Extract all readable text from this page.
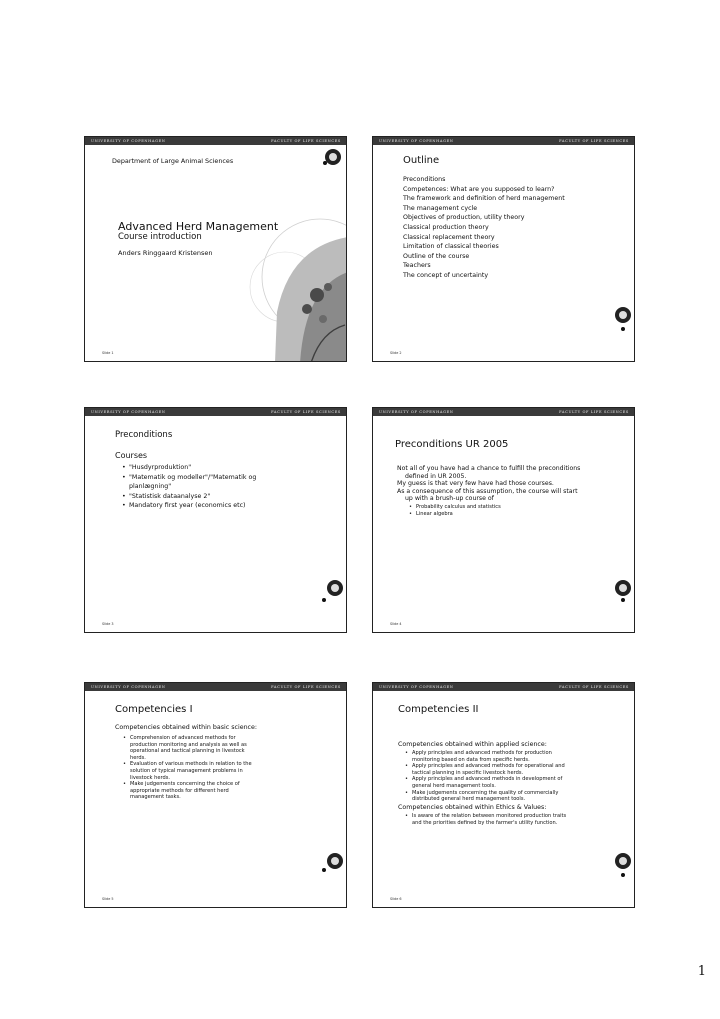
UNIVERSITY OF COPENHAGEN	FACULTY OF LIFE SCIENCES
Department of Large Animal Sciences
Advanced Herd Management
Course introduction
Anders Ringgaard Kristensen
Slide 1
UNIVERSITY OF COPENHAGEN	FACULTY OF LIFE SCIENCES
Outline
Preconditions
Competences: What are you supposed to learn?
The framework and definition of herd management
The management cycle
Objectives of production, utility theory
Classical production theory
Classical replacement theory
Limitation of classical theories
Outline of the course
Teachers
The concept of uncertainty
Slide 2
UNIVERSITY OF COPENHAGEN	FACULTY OF LIFE SCIENCES
Preconditions
Courses
• "Husdyrproduktion"
• "Matematik og modeller"/"Matematik og
planlægning"
• "Statistisk dataanalyse 2"
• Mandatory first year (economics etc)
Slide 3
UNIVERSITY OF COPENHAGEN	FACULTY OF LIFE SCIENCES
Preconditions UR 2005
Not all of you have had a chance to fulfill the preconditions
defined in UR 2005.
My guess is that very few have had those courses.
As a consequence of this assumption, the course will start
up with a brush-up course of
• Probability calculus and statistics
• Linear algebra
Slide 4
UNIVERSITY OF COPENHAGEN	FACULTY OF LIFE SCIENCES
Competencies I
Competencies obtained within basic science:
• Comprehension of advanced methods for
production monitoring and analysis as well as
operational and tactical planning in livestock
herds.
• Evaluation of various methods in relation to the
solution of typical management problems in
livestock herds.
• Make judgements concerning the choice of
appropriate methods for different herd
management tasks.
Slide 5
UNIVERSITY OF COPENHAGEN	FACULTY OF LIFE SCIENCES
Competencies II
Competencies obtained within applied science:
• Apply principles and advanced methods for production
monitoring based on data from specific herds.
• Apply principles and advanced methods for operational and
tactical planning in specific livestock herds.
• Apply principles and advanced methods in development of
general herd management tools.
• Make judgements concerning the quality of commercially
distributed general herd management tools.
Competencies obtained within Ethics & Values:
• Is aware of the relation between monitored production traits
and the priorities defined by the farmer's utility function.
Slide 6
1
